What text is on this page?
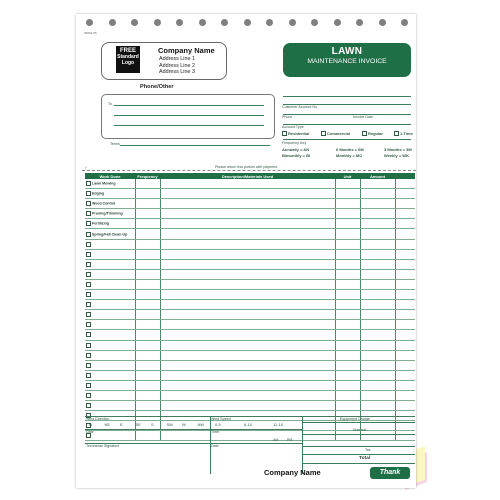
06562-05
FREE
Standard
Logo
Company Name
Address Line 1
Address Line 2
Address Line 3
Phone/Other
LAWN
MAINTENANCE INVOICE
To
Terms
Customer Account No.
Phone	Invoice Date
Account Type
Residential	Commercial	Regular	1-Time
Frequency Key
Annually = AN	6 Months = 6M	3 Months = 3M
Bimonthly = BI	Monthly = MO	Weekly = WK
Please return this portion with payment.
›
Work Done	Frequency	Description/Materials Used	Unit	Amount	
Lawn Mowing					
Edging					
Weed Control					
Pruning/Trimming					
Fertilizing					
Spring/Fall Clean-Up					

Wind Direction
N	NE E	SE	S	SW W	NW
Wind Speed
0-5	6-10	11-15
Date	Time
AM PM
Technician Signature	Date
Equipment Charge
Subtotal
Tax
Total
Company Name	Thank
